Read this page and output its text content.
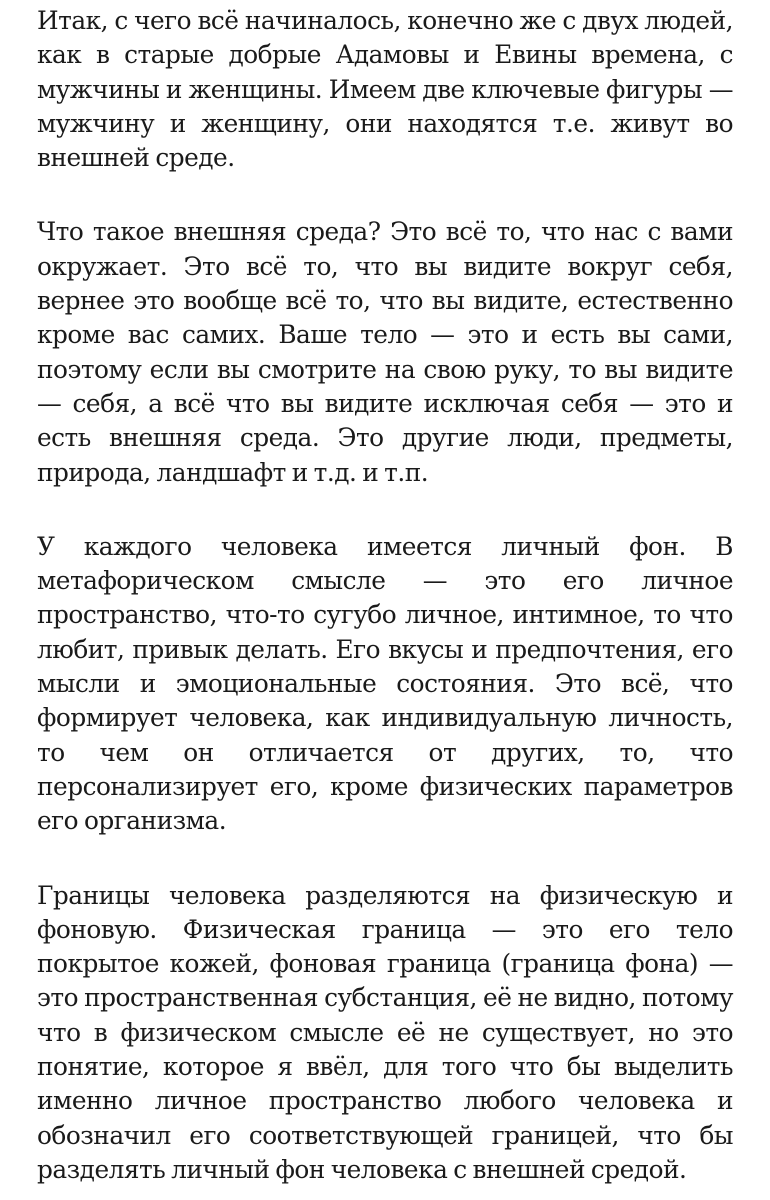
Итак, с чего всё начиналось, конечно же с двух людей, как в старые добрые Адамовы и Евины времена, с мужчины и женщины. Имеем две ключевые фигуры — мужчину и женщину, они находятся т.е. живут во внешней среде.

Что такое внешняя среда? Это всё то, что нас с вами окружает. Это всё то, что вы видите вокруг себя, вернее это вообще всё то, что вы видите, естественно кроме вас самих. Ваше тело — это и есть вы сами, поэтому если вы смотрите на свою руку, то вы видите — себя, а всё что вы видите исключая себя — это и есть внешняя среда. Это другие люди, предметы, природа, ландшафт и т.д. и т.п.

У каждого человека имеется личный фон. В метафорическом смысле — это его личное пространство, что-то сугубо личное, интимное, то что любит, привык делать. Его вкусы и предпочтения, его мысли и эмоциональные состояния. Это всё, что формирует человека, как индивидуальную личность, то чем он отличается от других, то, что персонализирует его, кроме физических параметров его организма.

Границы человека разделяются на физическую и фоновую. Физическая граница — это его тело покрытое кожей, фоновая граница (граница фона) — это пространственная субстанция, её не видно, потому что в физическом смысле её не существует, но это понятие, которое я ввёл, для того что бы выделить именно личное пространство любого человека и обозначил его соответствующей границей, что бы разделять личный фон человека с внешней средой.
